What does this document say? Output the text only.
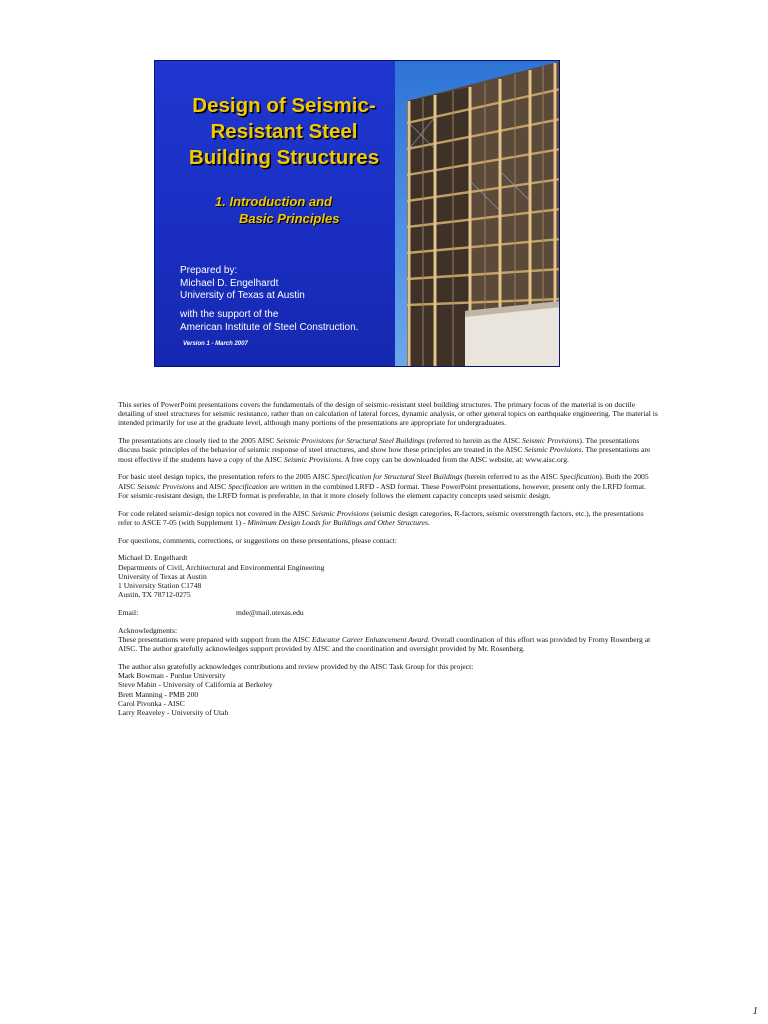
Design of Seismic-
Resistant Steel
Building Structures
1. Introduction and
Basic Principles
Prepared by:
Michael D. Engelhardt
University of Texas at Austin
with the support of the
American Institute of Steel Construction.
Version 1 - March 2007

This series of PowerPoint presentations covers the fundamentals of the design of seismic-resistant steel building structures. The primary focus of the material is on ductile detailing of steel structures for seismic resistance, rather than on calculation of lateral forces, dynamic analysis, or other general topics on earthquake engineering. The material is intended primarily for use at the graduate level, although many portions of the presentations are appropriate for undergraduates.

The presentations are closely tied to the 2005 AISC Seismic Provisions for Structural Steel Buildings (referred to herein as the AISC Seismic Provisions). The presentations discuss basic principles of the behavior of seismic response of steel structures, and show how these principles are treated in the AISC Seismic Provisions. The presentations are most effective if the students have a copy of the AISC Seismic Provisions. A free copy can be downloaded from the AISC website, at: www.aisc.org.

For basic steel design topics, the presentation refers to the 2005 AISC Specification for Structural Steel Buildings (herein referred to as the AISC Specification). Both the 2005 AISC Seismic Provisions and AISC Specification are written in the combined LRFD - ASD format. These PowerPoint presentations, however, present only the LRFD format. For seismic-resistant design, the LRFD format is preferable, in that it more closely follows the element capacity concepts used seismic design.

For code related seismic-design topics not covered in the AISC Seismic Provisions (seismic design categories, R-factors, seismic overstrength factors, etc.), the presentations refer to ASCE 7-05 (with Supplement 1) - Minimum Design Loads for Buildings and Other Structures.

For questions, comments, corrections, or suggestions on these presentations, please contact:

Michael D. Engelhardt

Departments of Civil, Architectural and Environmental Engineering

University of Texas at Austin

1 University Station C1748

Austin, TX 78712-0275

Email:	mde@mail.utexas.edu

Acknowledgments:

These presentations were prepared with support from the AISC Educator Career Enhancement Award. Overall coordination of this effort was provided by Fromy Rosenberg at AISC. The author gratefully acknowledges support provided by AISC and the coordination and oversight provided by Mr. Rosenberg.

The author also gratefully acknowledges contributions and review provided by the AISC Task Group for this project:

Mark Bowman - Purdue University

Steve Mahin - University of California at Berkeley

Brett Manning - PMB 200

Carol Pivonka - AISC

Larry Reaveley - University of Utah

1
